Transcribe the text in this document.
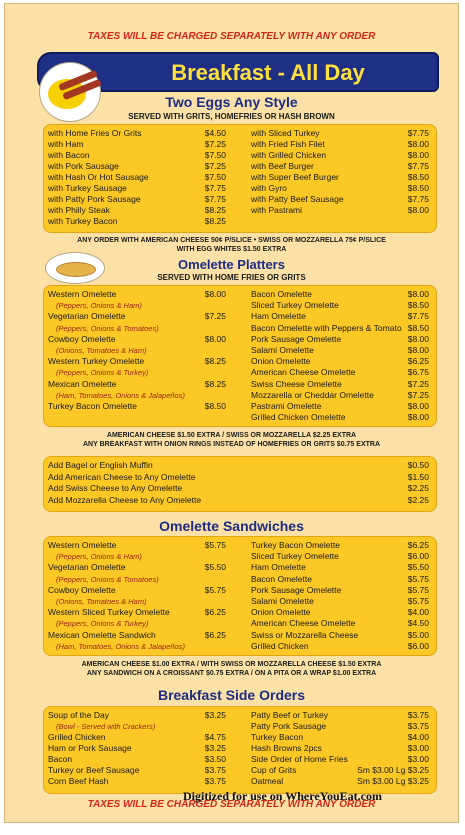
TAXES WILL BE CHARGED SEPARATELY WITH ANY ORDER
Breakfast - All Day
Two Eggs Any Style
SERVED WITH GRITS, HOMEFRIES OR HASH BROWN
ANY ORDER WITH AMERICAN CHEESE 50¢ P/SLICE • SWISS OR MOZZARELLA 75¢ P/SLICE
WITH EGG WHITES $1.50 EXTRA
Omelette Platters
SERVED WITH HOME FRIES OR GRITS
AMERICAN CHEESE $1.50 EXTRA / SWISS OR MOZZARELLA $2.25 EXTRA
ANY BREAKFAST WITH ONION RINGS INSTEAD OF HOMEFRIES OR GRITS $0.75 EXTRA
Omelette Sandwiches
AMERICAN CHEESE $1.00 EXTRA / WITH SWISS OR MOZZARELLA CHEESE $1.50 EXTRA
ANY SANDWICH ON A CROISSANT $0.75 EXTRA / ON A PITA OR A WRAP $1.00 EXTRA
Breakfast Side Orders
TAXES WILL BE CHARGED SEPARATELY WITH ANY ORDER
Digitized for use on WhereYouEat.com
with Home Fries Or Grits	$4.50
with Ham	$7.25
with Bacon	$7.50
with Pork Sausage	$7.25
with Hash Or Hot Sausage	$7.50
with Turkey Sausage	$7.75
with Patty Pork Sausage	$7.75
with Philly Steak	$8.25
with Turkey Bacon	$8.25
with Sliced Turkey	$7.75
with Fried Fish Filet	$8.00
with Grilled Chicken	$8.00
with Beef Burger	$7.75
with Super Beef Burger	$8.50
with Gyro	$8.50
with Patty Beef Sausage	$7.75
with Pastrami	$8.00
Western Omelette	$8.00
(Peppers, Onions & Ham)
Vegetarian Omelette	$7.25
(Peppers, Onions & Tomatoes)
Cowboy Omelette	$8.00
(Onions, Tomatoes & Ham)
Western Turkey Omelette	$8.25
(Peppers, Onions & Turkey)
Mexican Omelette	$8.25
(Ham, Tomatoes, Onions & Jalapeños)
Turkey Bacon Omelette	$8.50
Bacon Omelette	$8.00
Sliced Turkey Omelette	$8.50
Ham Omelette	$7.75
Bacon Omelette with Peppers & Tomato $8.50
Pork Sausage Omelette	$8.00
Salami Omelette	$8.00
Onion Omelette	$6.25
American Cheese Omelette	$6.75
Swiss Cheese Omelette	$7.25
Mozzarella or Cheddar Omelette	$7.25
Pastrami Omelette	$8.00
Grilled Chicken Omelette	$8.00
Add Bagel or English Muffin	$0.50
Add American Cheese to Any Omelette	$1.50
Add Swiss Cheese to Any Omelette	$2.25
Add Mozzarella Cheese to Any Omelette	$2.25
Western Omelette	$5.75
(Peppers, Onions & Ham)
Vegetarian Omelette	$5.50
(Peppers, Onions & Tomatoes)
Cowboy Omelette	$5.75
(Onions, Tomatoes & Ham)
Western Sliced Turkey Omelette	$6.25
(Peppers, Onions & Turkey)
Mexican Omelette Sandwich	$6.25
(Ham, Tomatoes, Onions & Jalapeños)
Turkey Bacon Omelette	$6.25
Sliced Turkey Omelette	$6.00
Ham Omelette	$5.50
Bacon Omelette	$5.75
Pork Sausage Omelette	$5.75
Salami Omelette	$5.75
Onion Omelette	$4.00
American Cheese Omelette	$4.50
Swiss or Mozzarella Cheese	$5.00
Grilled Chicken	$6.00
Soup of the Day	$3.25
(Bowl - Served with Crackers)
Grilled Chicken	$4.75
Ham or Pork Sausage	$3.25
Bacon	$3.50
Turkey or Beef Sausage	$3.75
Corn Beef Hash	$3.75
Patty Beef or Turkey	$3.75
Patty Pork Sausage	$3.75
Turkey Bacon	$4.00
Hash Browns 2pcs	$3.00
Side Order of Home Fries	$3.00
Cup of Grits	Sm $3.00 Lg $3.25
Oatmeal	Sm $3.00 Lg $3.25
